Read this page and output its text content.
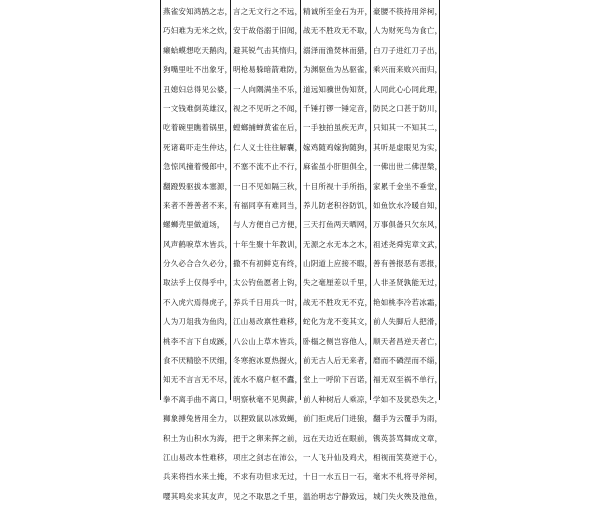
燕雀安知鸿鹄之志，
巧妇难为无米之炊，
癞蛤蟆想吃天鹅肉，
狗嘴里吐不出象牙，
丑媳妇总得见公婆，
一文钱难倒英雄汉，
吃着碗里瞧着锅里，
死诸葛吓走生仲达，
急惊风撞着慢郎中，
翻蹬毁驱拔本塞源，
来者不善善者不来，
螺蛳壳里做道场，
风声鹤唳草木皆兵，
分久必合合久必分，
取法乎上仅得乎中，
不入虎穴焉得虎子，
人为刀俎我为鱼肉，
桃李不言下自成蹊，
食不厌精脍不厌细，
知无不言言无不尽，
拳不离手曲不离口，
狮象搏兔皆用全力，
积土为山积水为海，
江山易改本性难移，
兵来将挡水来土掩，
嘤其鸣矣求其友声，
言之无文行之不远，
安于故俗溺于旧闻，
避其锐气击其惰归，
明枪易躲暗箭难防，
一人向隅满坐不乐，
视之不见听之不闻，
螳螂捕蝉黄雀在后，
仁人义士往往解囊，
不塞不流不止不行，
一日不见如隔三秋，
有福同享有难同当，
与人方便自己方便，
十年生聚十年教训，
撒不有初鲜克有终，
太公钓鱼愿者上钩，
养兵千日用兵一时，
江山易改禀性难移，
八公山上草木皆兵，
冬寒抱冰夏热握火，
流水不腐户枢不蠹，
明察秋毫不见舆薪，
以狸致鼠以冰致蝇，
把于之卵来挥之前，
项庄之剑志在沛公，
不求有功但求无过，
见之不取思之千里，
精诚所至金石为开，
战无不胜攻无不取，
溺泽而渔焚林而猎，
为渊驱鱼为丛驱雀，
道远知骥世伪知贤，
千锤打锣一锤定音，
一手独拍虽疾无声，
嫁鸡随鸡嫁狗随狗，
麻雀虽小肝胆俱全，
十目所视十手所指，
养儿防老积谷防饥，
三天打鱼两天晒网，
无源之水无本之木，
山阴道上应接不暇，
失之毫厘差以千里，
战无不胜攻无不克，
蛇化为龙不变其文，
卧榻之侧岂容他人，
前无古人后无来者，
堂上一呼阶下百诺，
前人种树后人乘凉，
前门拒虎后门进狼，
远在天边近在眼前，
一人飞升仙及鸡犬，
十日一水五日一石，
温治明志宁静致远，
豪腰不筷持用斧柯，
人为财死鸟为食亡，
白刀子进红刀子出，
乘兴而来败兴而归，
人同此心心同此理，
防民之口甚于防川，
只知其一不知其二，
其听是虚眼见为实，
一佛出世二佛涅槃，
家累千金坐不垂堂，
如鱼饮水冷暖自知，
万事俱备只欠东风，
祖述尧舜宪章文武，
善有善报恶有恶报，
人非圣贤孰能无过，
艳如桃李冷若冰霜，
前人失脚后人把滑，
顺天者昌逆天者亡，
磨而不磷涅而不缁，
福无双至祸不单行，
学如不及犹恐失之，
翻手为云覆手为雨，
镌英荟骂舞成文章，
相视而笑莫逆于心，
毫末不札将寻斧柯，
城门失火殃及池鱼，
